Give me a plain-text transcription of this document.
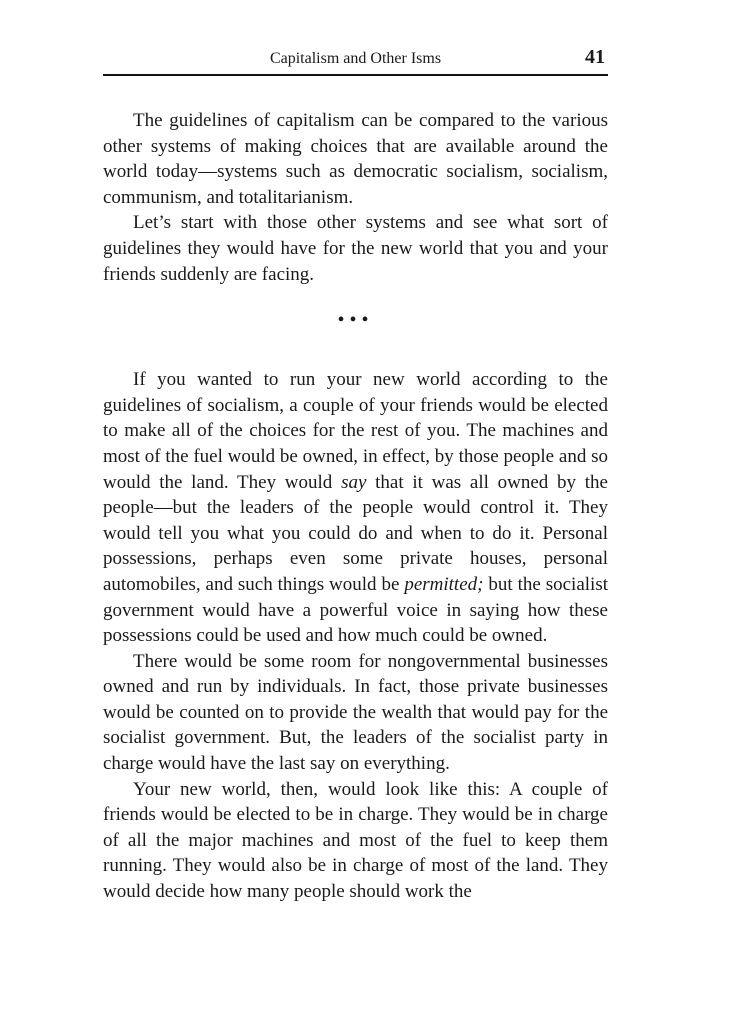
Capitalism and Other Isms	41

The guidelines of capitalism can be compared to the various other systems of making choices that are available around the world today—systems such as democratic socialism, socialism, communism, and totalitarianism.

Let’s start with those other systems and see what sort of guidelines they would have for the new world that you and your friends suddenly are facing.

•••

If you wanted to run your new world according to the guidelines of socialism, a couple of your friends would be elected to make all of the choices for the rest of you. The machines and most of the fuel would be owned, in effect, by those people and so would the land. They would say that it was all owned by the people—but the leaders of the people would control it. They would tell you what you could do and when to do it. Personal possessions, perhaps even some private houses, personal automobiles, and such things would be permitted; but the socialist government would have a powerful voice in saying how these possessions could be used and how much could be owned.

There would be some room for nongovernmental businesses owned and run by individuals. In fact, those private businesses would be counted on to provide the wealth that would pay for the socialist government. But, the leaders of the socialist party in charge would have the last say on everything.

Your new world, then, would look like this: A couple of friends would be elected to be in charge. They would be in charge of all the major machines and most of the fuel to keep them running. They would also be in charge of most of the land. They would decide how many people should work the
